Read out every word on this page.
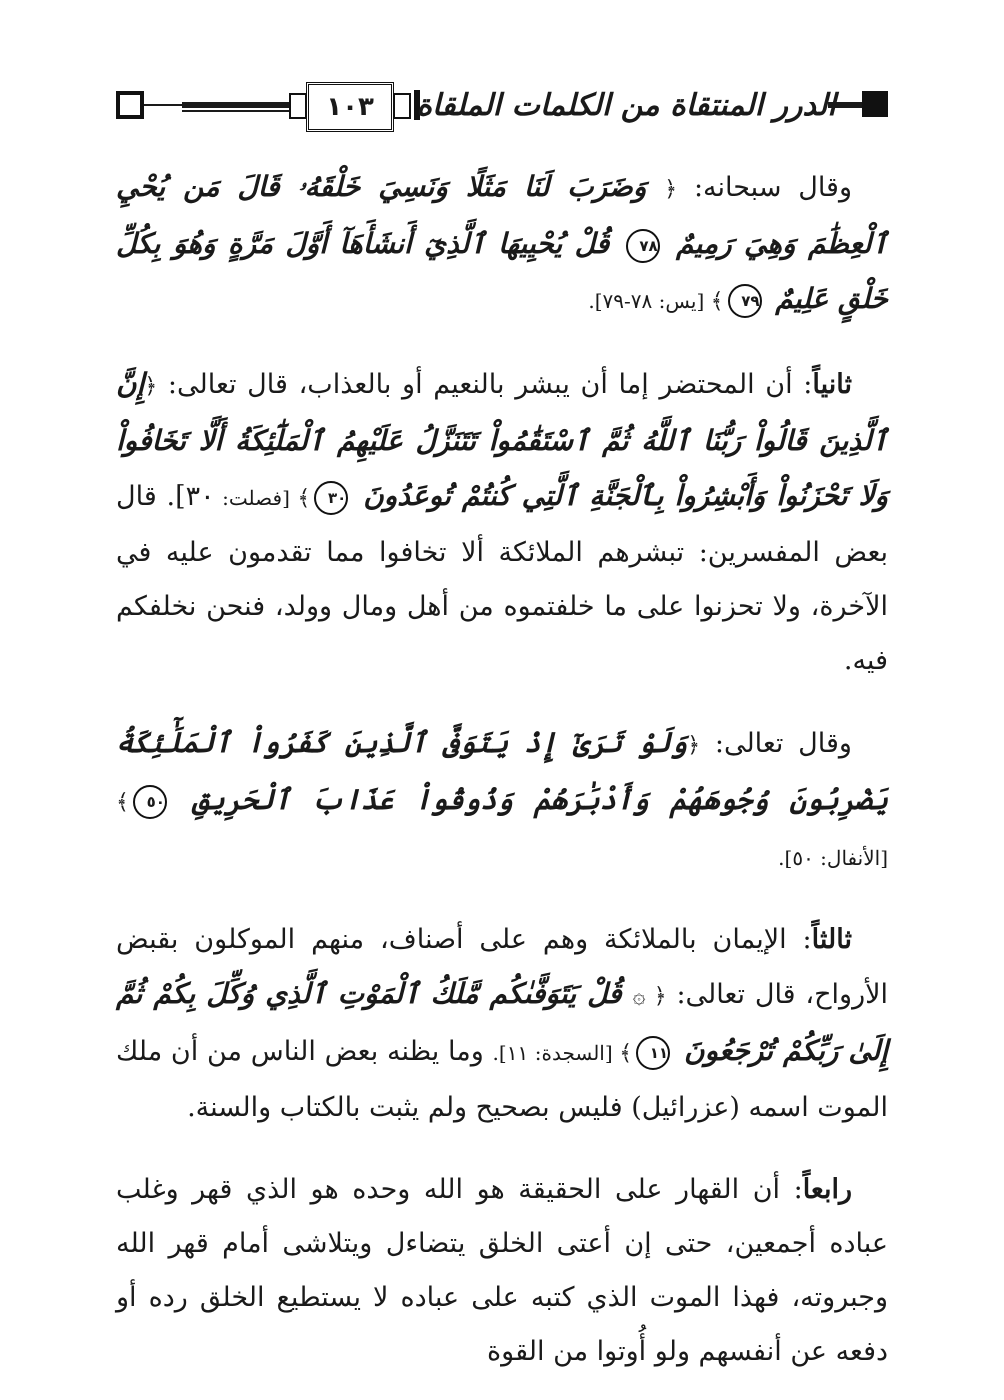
الدرر المنتقاة من الكلمات الملقاة
١٠٣

وقال سبحانه: ﴿ وَضَرَبَ لَنَا مَثَلًا وَنَسِيَ خَلْقَهُۥ قَالَ مَن يُحْيِ ٱلْعِظَٰمَ وَهِيَ رَمِيمٌ ٧٨ قُلْ يُحْيِيهَا ٱلَّذِيٓ أَنشَأَهَآ أَوَّلَ مَرَّةٍ وَهُوَ بِكُلِّ خَلْقٍ عَلِيمٌ ٧٩﴾ [يس: ٧٨-٧٩].

ثانياً: أن المحتضر إما أن يبشر بالنعيم أو بالعذاب، قال تعالى: ﴿إِنَّ ٱلَّذِينَ قَالُواْ رَبُّنَا ٱللَّهُ ثُمَّ ٱسْتَقَٰمُواْ تَتَنَزَّلُ عَلَيْهِمُ ٱلْمَلَٰٓئِكَةُ أَلَّا تَخَافُواْ وَلَا تَحْزَنُواْ وَأَبْشِرُواْ بِٱلْجَنَّةِ ٱلَّتِي كُنتُمْ تُوعَدُونَ ٣٠﴾ [فصلت: ٣٠]. قال بعض المفسرين: تبشرهم الملائكة ألا تخافوا مما تقدمون عليه في الآخرة، ولا تحزنوا على ما خلفتموه من أهل ومال وولد، فنحن نخلفكم فيه.

وقال تعالى: ﴿وَلَوْ تَرَىٰٓ إِذْ يَتَوَفَّى ٱلَّذِينَ كَفَرُواْ ٱلْمَلَٰٓئِكَةُ يَضْرِبُونَ وُجُوهَهُمْ وَأَدْبَٰرَهُمْ وَذُوقُواْ عَذَابَ ٱلْحَرِيقِ ٥٠﴾ [الأنفال: ٥٠].

ثالثاً: الإيمان بالملائكة وهم على أصناف، منهم الموكلون بقبض الأرواح، قال تعالى: ﴿ ۞ قُلْ يَتَوَفَّىٰكُم مَّلَكُ ٱلْمَوْتِ ٱلَّذِي وُكِّلَ بِكُمْ ثُمَّ إِلَىٰ رَبِّكُمْ تُرْجَعُونَ ١١﴾ [السجدة: ١١]. وما يظنه بعض الناس من أن ملك الموت اسمه (عزرائيل) فليس بصحيح ولم يثبت بالكتاب والسنة.

رابعاً: أن القهار على الحقيقة هو الله وحده هو الذي قهر وغلب عباده أجمعين، حتى إن أعتى الخلق يتضاءل ويتلاشى أمام قهر الله وجبروته، فهذا الموت الذي كتبه على عباده لا يستطيع الخلق رده أو دفعه عن أنفسهم ولو أُوتوا من القوة
